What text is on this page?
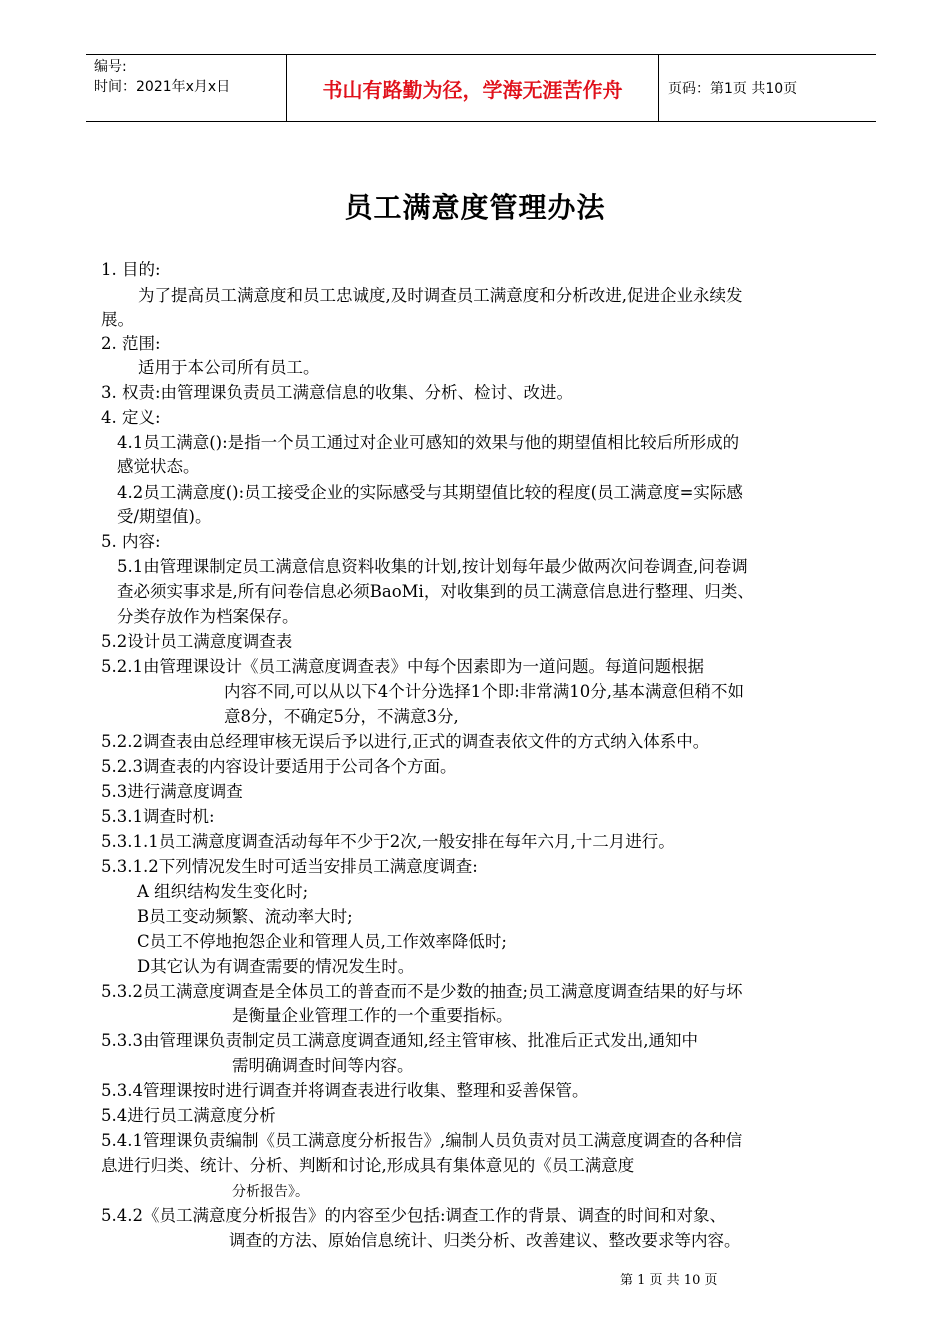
编号:
时间：2021年x月x日	书山有路勤为径，学海无涯苦作舟	页码：第1页 共10页
员工满意度管理办法
1. 目的:
为了提高员工满意度和员工忠诚度,及时调查员工满意度和分析改进,促进企业永续发
展。
2. 范围:
适用于本公司所有员工。
3. 权责:由管理课负责员工满意信息的收集、分析、检讨、改进。
4. 定义:
4.1员工满意():是指一个员工通过对企业可感知的效果与他的期望值相比较后所形成的
感觉状态。
4.2员工满意度():员工接受企业的实际感受与其期望值比较的程度(员工满意度=实际感
受/期望值)。
5. 内容:
5.1由管理课制定员工满意信息资料收集的计划,按计划每年最少做两次问卷调查,问卷调
查必须实事求是,所有问卷信息必须BaoMi，对收集到的员工满意信息进行整理、归类、
分类存放作为档案保存。
5.2设计员工满意度调查表
5.2.1由管理课设计《员工满意度调查表》中每个因素即为一道问题。每道问题根据
内容不同,可以从以下4个计分选择1个即:非常满10分,基本满意但稍不如
意8分，不确定5分，不满意3分,
5.2.2调查表由总经理审核无误后予以进行,正式的调查表依文件的方式纳入体系中。
5.2.3调查表的内容设计要适用于公司各个方面。
5.3进行满意度调查
5.3.1调查时机:
5.3.1.1员工满意度调查活动每年不少于2次,一般安排在每年六月,十二月进行。
5.3.1.2下列情况发生时可适当安排员工满意度调查:
A 组织结构发生变化时;
B员工变动频繁、流动率大时;
C员工不停地抱怨企业和管理人员,工作效率降低时;
D其它认为有调查需要的情况发生时。
5.3.2员工满意度调查是全体员工的普查而不是少数的抽查;员工满意度调查结果的好与坏
是衡量企业管理工作的一个重要指标。
5.3.3由管理课负责制定员工满意度调查通知,经主管审核、批准后正式发出,通知中
需明确调查时间等内容。
5.3.4管理课按时进行调查并将调查表进行收集、整理和妥善保管。
5.4进行员工满意度分析
5.4.1管理课负责编制《员工满意度分析报告》,编制人员负责对员工满意度调查的各种信
息进行归类、统计、分析、判断和讨论,形成具有集体意见的《员工满意度
分析报告》。
5.4.2《员工满意度分析报告》的内容至少包括:调查工作的背景、调查的时间和对象、
调查的方法、原始信息统计、归类分析、改善建议、整改要求等内容。
第 1 页 共 10 页
